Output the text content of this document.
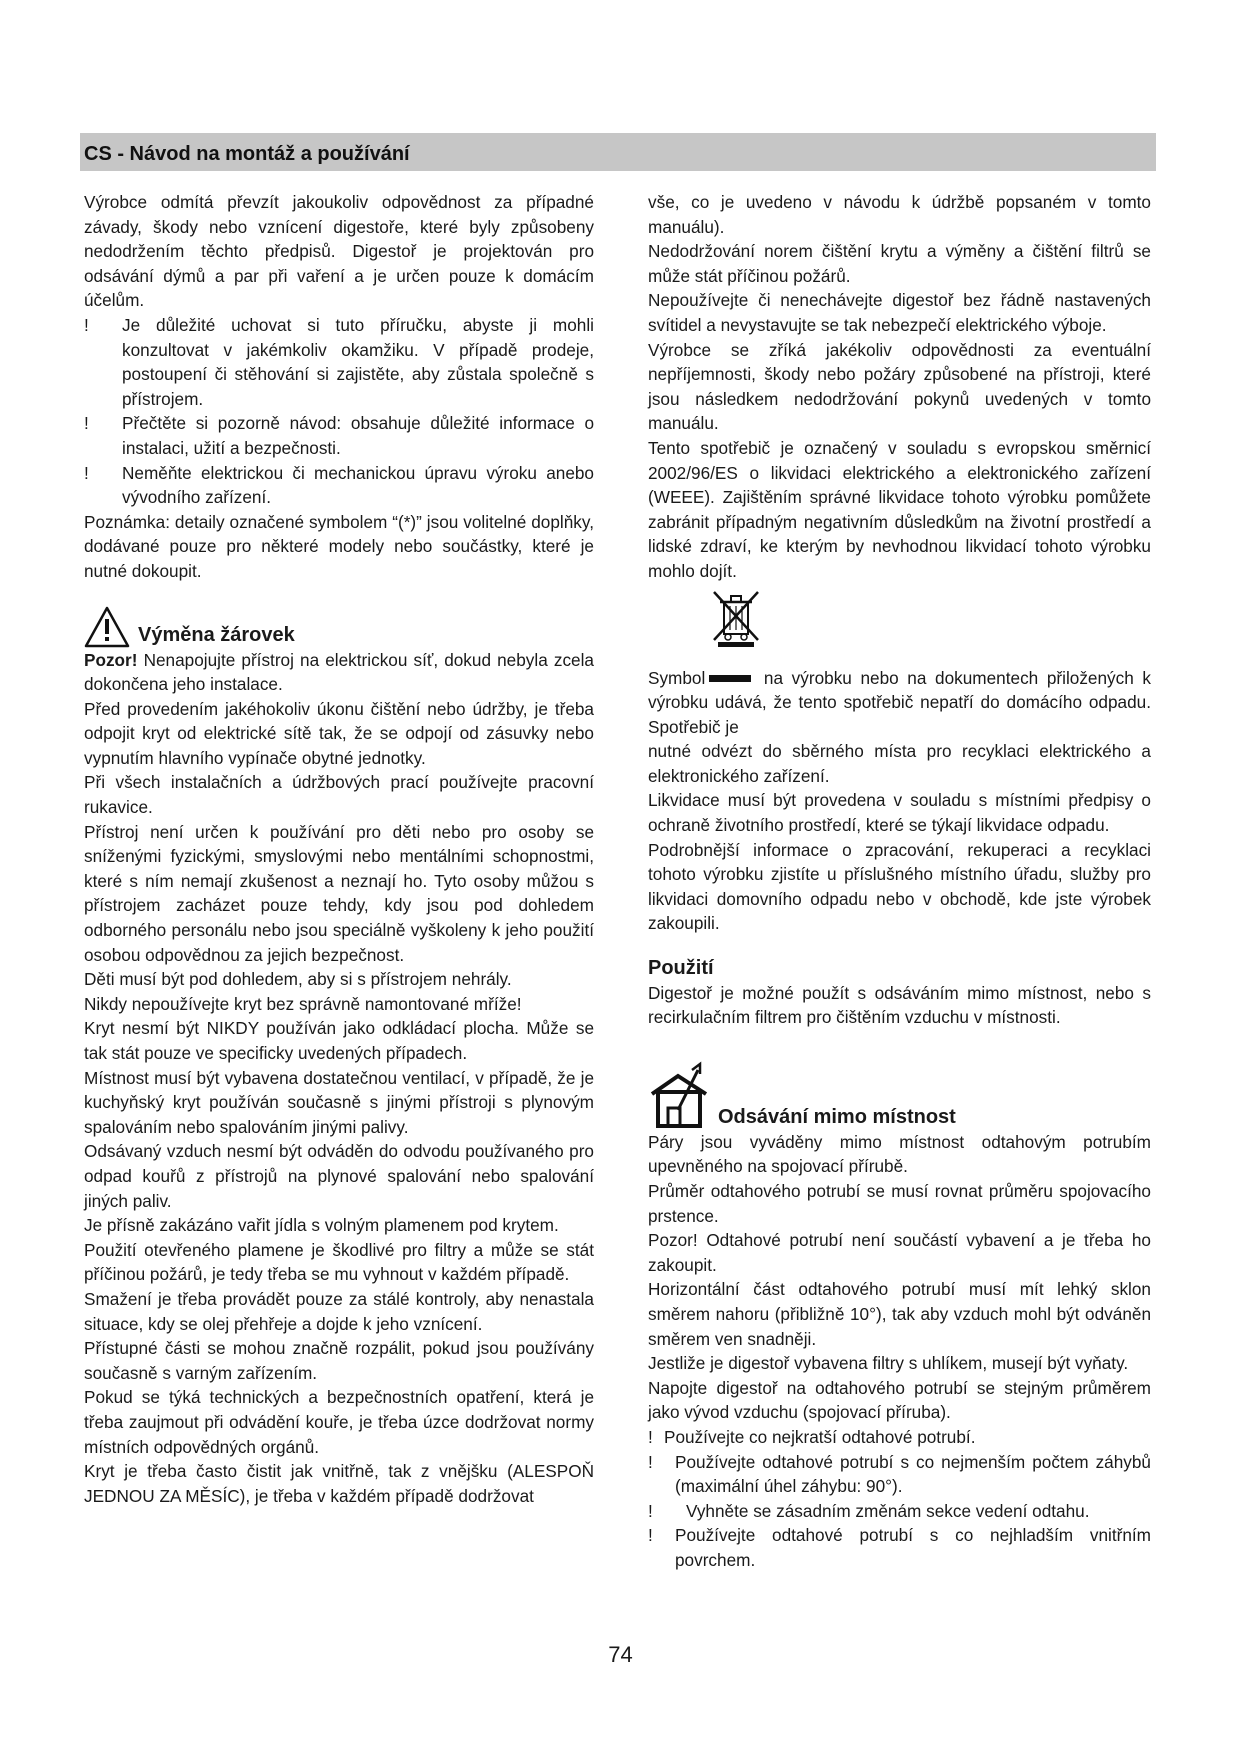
CS - Návod na montáž a používání

Výrobce odmítá převzít jakoukoliv odpovědnost za případné závady, škody nebo vznícení digestoře, které byly způsobeny nedodržením těchto předpisů. Digestoř je projektován pro odsávání dýmů a par při vaření a je určen pouze k domácím účelům.

!	Je důležité uchovat si tuto příručku, abyste ji mohli konzultovat v jakémkoliv okamžiku. V případě prodeje, postoupení či stěhování si zajistěte, aby zůstala společně s přístrojem.
!	Přečtěte si pozorně návod: obsahuje důležité informace o instalaci, užití a bezpečnosti.
!	Neměňte elektrickou či mechanickou úpravu výroku anebo vývodního zařízení.

Poznámka: detaily označené symbolem “(*)” jsou volitelné doplňky, dodávané pouze pro některé modely nebo součástky, které je nutné dokoupit.

Výměna žárovek

Pozor! Nenapojujte přístroj na elektrickou síť, dokud nebyla zcela dokončena jeho instalace.

Před provedením jakéhokoliv úkonu čištění nebo údržby, je třeba odpojit kryt od elektrické sítě tak, že se odpojí od zásuvky nebo vypnutím hlavního vypínače obytné jednotky.

Při všech instalačních a údržbových prací používejte pracovní rukavice.

Přístroj není určen k používání pro děti nebo pro osoby se sníženými fyzickými, smyslovými nebo mentálními schopnostmi, které s ním nemají zkušenost a neznají ho. Tyto osoby můžou s přístrojem zacházet pouze tehdy, kdy jsou pod dohledem odborného personálu nebo jsou speciálně vyškoleny k jeho použití osobou odpovědnou za jejich bezpečnost.

Děti musí být pod dohledem, aby si s přístrojem nehrály.

Nikdy nepoužívejte kryt bez správně namontované mříže!

Kryt nesmí být NIKDY používán jako odkládací plocha. Může se tak stát pouze ve specificky uvedených případech.

Místnost musí být vybavena dostatečnou ventilací, v případě, že je kuchyňský kryt používán současně s jinými přístroji s plynovým spalováním nebo spalováním jinými palivy.

Odsávaný vzduch nesmí být odváděn do odvodu používaného pro odpad kouřů z přístrojů na plynové spalování nebo spalování jiných paliv.

Je přísně zakázáno vařit jídla s volným plamenem pod krytem.

Použití otevřeného plamene je škodlivé pro filtry a může se stát příčinou požárů, je tedy třeba se mu vyhnout v každém případě.

Smažení je třeba provádět pouze za stálé kontroly, aby nenastala situace, kdy se olej přehřeje a dojde k jeho vznícení.

Přístupné části se mohou značně rozpálit, pokud jsou používány současně s varným zařízením.

Pokud se týká technických a bezpečnostních opatření, která je třeba zaujmout při odvádění kouře, je třeba úzce dodržovat normy místních odpovědných orgánů.

Kryt je třeba často čistit jak vnitřně, tak z vnějšku (ALESPOŇ JEDNOU ZA MĚSÍC), je třeba v každém případě dodržovat

vše, co je uvedeno v návodu k údržbě popsaném v tomto manuálu).

Nedodržování norem čištění krytu a výměny a čištění filtrů se může stát příčinou požárů.

Nepoužívejte či nenechávejte digestoř bez řádně nastavených svítidel a nevystavujte se tak nebezpečí elektrického výboje.

Výrobce se zříká jakékoliv odpovědnosti za eventuální nepříjemnosti, škody nebo požáry způsobené na přístroji, které jsou následkem nedodržování pokynů uvedených v tomto manuálu.

Tento spotřebič je označený v souladu s evropskou směrnicí 2002/96/ES o likvidaci elektrického a elektronického zařízení (WEEE). Zajištěním správné likvidace tohoto výrobku pomůžete zabránit případným negativním důsledkům na životní prostředí a lidské zdraví, ke kterým by nevhodnou likvidací tohoto výrobku mohlo dojít.

Symbol	na výrobku nebo na dokumentech přiložených k výrobku udává, že tento spotřebič nepatří do domácího odpadu. Spotřebič je

nutné odvézt do sběrného místa pro recyklaci elektrického a elektronického zařízení.

Likvidace musí být provedena v souladu s místními předpisy o ochraně životního prostředí, které se týkají likvidace odpadu.

Podrobnější informace o zpracování, rekuperaci a recyklaci tohoto výrobku zjistíte u příslušného místního úřadu, služby pro likvidaci domovního odpadu nebo v obchodě, kde jste výrobek zakoupili.

Použití

Digestoř je možné použít s odsáváním mimo místnost, nebo s recirkulačním filtrem pro čištěním vzduchu v místnosti.

Odsávání mimo místnost

Páry jsou vyváděny mimo místnost odtahovým potrubím upevněného na spojovací přírubě.

Průměr odtahového potrubí se musí rovnat průměru spojovacího prstence.

Pozor! Odtahové potrubí není součástí vybavení a je třeba ho zakoupit.

Horizontální část odtahového potrubí musí mít lehký sklon směrem nahoru (přibližně 10°), tak aby vzduch mohl být odváněn směrem ven snadněji.

Jestliže je digestoř vybavena filtry s uhlíkem, musejí být vyňaty.

Napojte digestoř na odtahového potrubí se stejným průměrem jako vývod vzduchu (spojovací příruba).

! Používejte co nejkratší odtahové potrubí.
!	Používejte odtahové potrubí s co nejmenším počtem záhybů (maximální úhel záhybu: 90°).
!	Vyhněte se zásadním změnám sekce vedení odtahu.
!	Používejte odtahové potrubí s co nejhladším vnitřním povrchem.
74
